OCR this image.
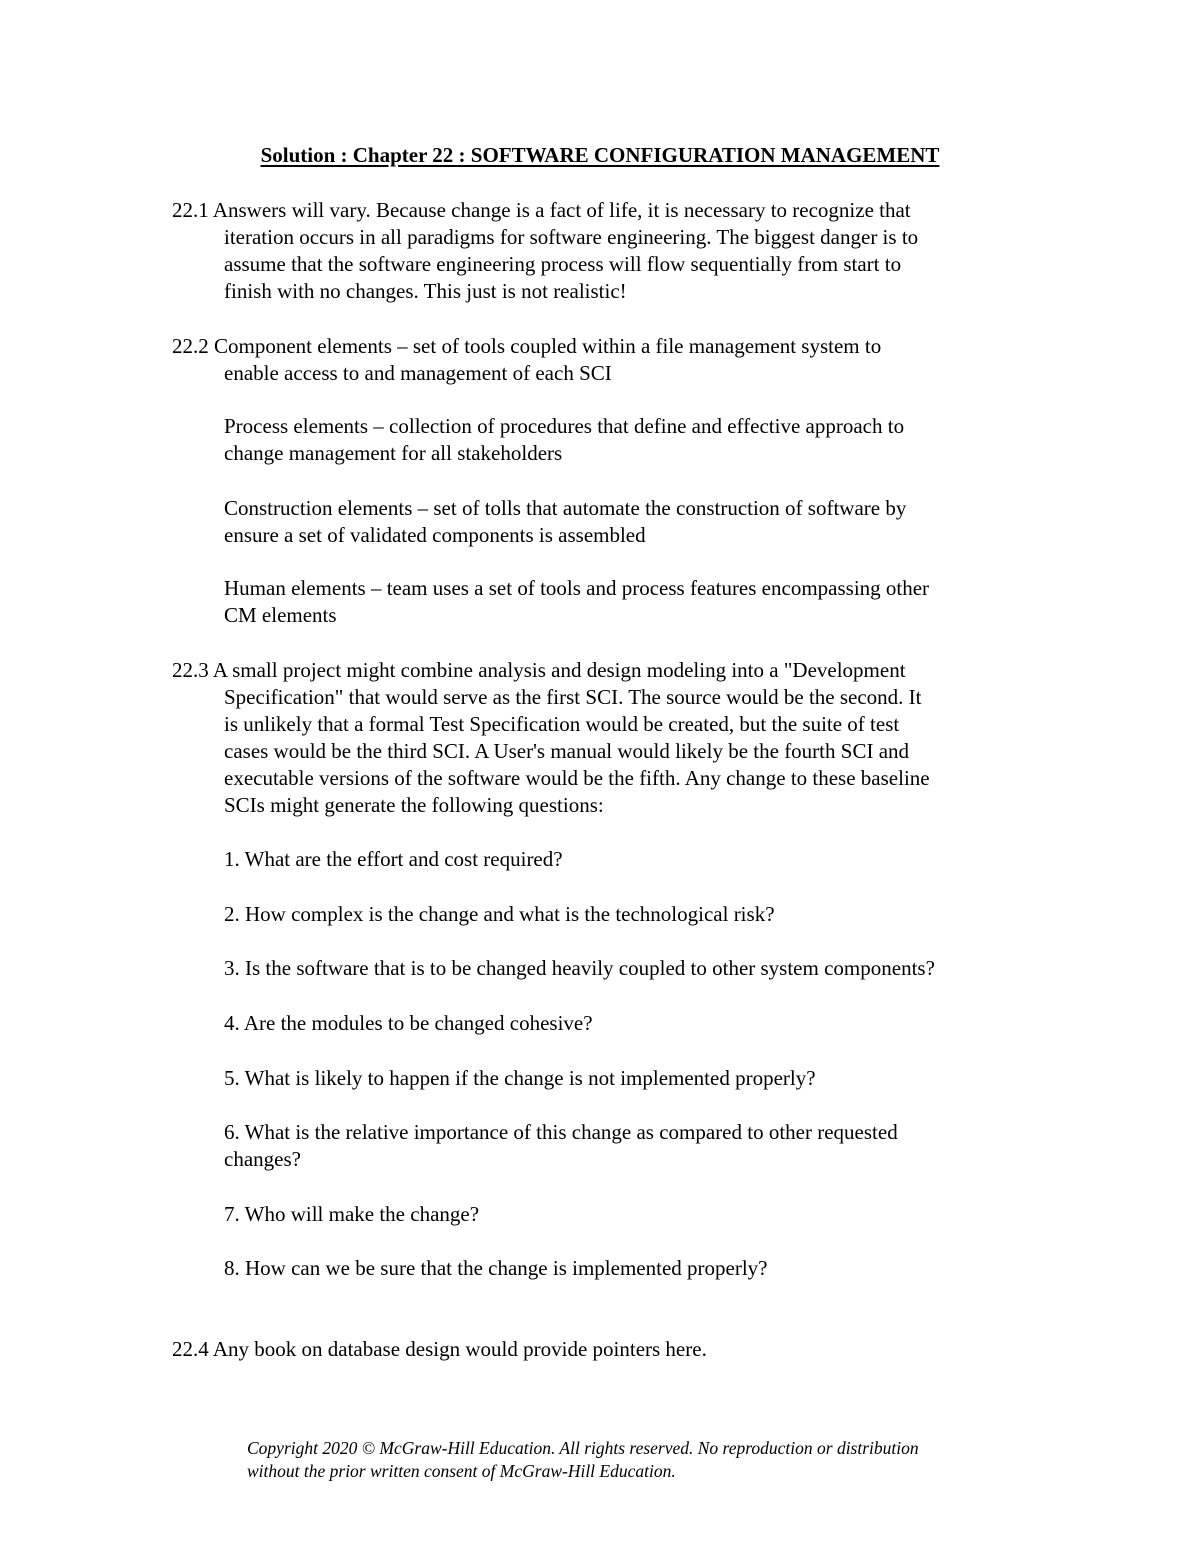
Solution : Chapter 22 : SOFTWARE CONFIGURATION MANAGEMENT
22.1 Answers will vary. Because change is a fact of life, it is necessary to recognize that
iteration occurs in all paradigms for software engineering. The biggest danger is to
assume that the software engineering process will flow sequentially from start to
finish with no changes. This just is not realistic!
22.2 Component elements – set of tools coupled within a file management system to
enable access to and management of each SCI
Process elements – collection of procedures that define and effective approach to
change management for all stakeholders
Construction elements – set of tolls that automate the construction of software by
ensure a set of validated components is assembled
Human elements – team uses a set of tools and process features encompassing other
CM elements
22.3 A small project might combine analysis and design modeling into a "Development
Specification" that would serve as the first SCI. The source would be the second. It
is unlikely that a formal Test Specification would be created, but the suite of test
cases would be the third SCI. A User's manual would likely be the fourth SCI and
executable versions of the software would be the fifth. Any change to these baseline
SCIs might generate the following questions:
1. What are the effort and cost required?
2. How complex is the change and what is the technological risk?
3. Is the software that is to be changed heavily coupled to other system components?
4. Are the modules to be changed cohesive?
5. What is likely to happen if the change is not implemented properly?
6. What is the relative importance of this change as compared to other requested
changes?
7. Who will make the change?
8. How can we be sure that the change is implemented properly?
22.4 Any book on database design would provide pointers here.
Copyright 2020 © McGraw-Hill Education. All rights reserved. No reproduction or distribution
without the prior written consent of McGraw-Hill Education.
